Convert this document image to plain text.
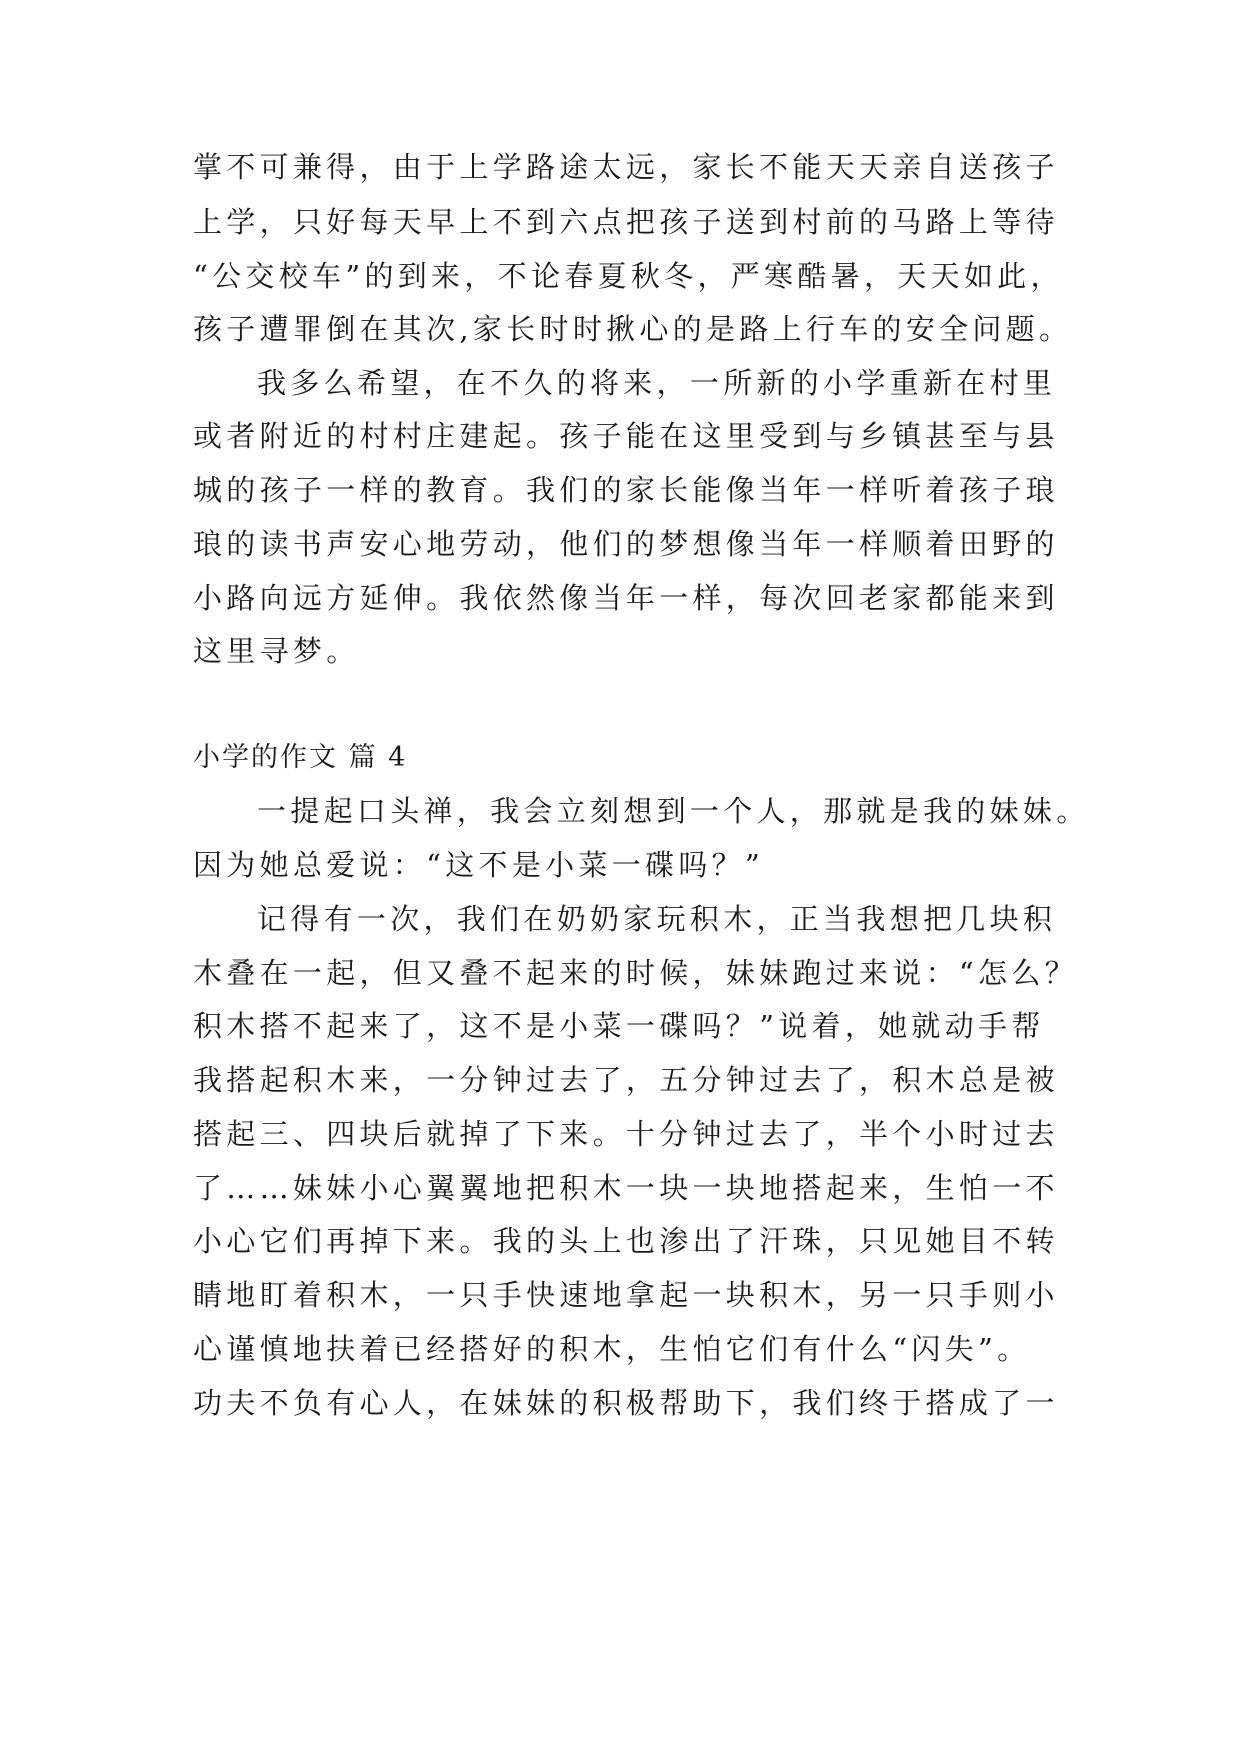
掌不可兼得，由于上学路途太远，家长不能天天亲自送孩子
上学，只好每天早上不到六点把孩子送到村前的马路上等待
“公交校车”的到来，不论春夏秋冬，严寒酷暑，天天如此，
孩子遭罪倒在其次,家长时时揪心的是路上行车的安全问题。
我多么希望，在不久的将来，一所新的小学重新在村里
或者附近的村村庄建起。孩子能在这里受到与乡镇甚至与县
城的孩子一样的教育。我们的家长能像当年一样听着孩子琅
琅的读书声安心地劳动，他们的梦想像当年一样顺着田野的
小路向远方延伸。我依然像当年一样，每次回老家都能来到
这里寻梦。
小学的作文 篇 4
一提起口头禅，我会立刻想到一个人，那就是我的妹妹。
因为她总爱说：“这不是小菜一碟吗？”
记得有一次，我们在奶奶家玩积木，正当我想把几块积
木叠在一起，但又叠不起来的时候，妹妹跑过来说：“怎么？
积木搭不起来了，这不是小菜一碟吗？”说着，她就动手帮
我搭起积木来，一分钟过去了，五分钟过去了，积木总是被
搭起三、四块后就掉了下来。十分钟过去了，半个小时过去
了……妹妹小心翼翼地把积木一块一块地搭起来，生怕一不
小心它们再掉下来。我的头上也渗出了汗珠，只见她目不转
睛地盯着积木，一只手快速地拿起一块积木，另一只手则小
心谨慎地扶着已经搭好的积木，生怕它们有什么“闪失”。
功夫不负有心人，在妹妹的积极帮助下，我们终于搭成了一
